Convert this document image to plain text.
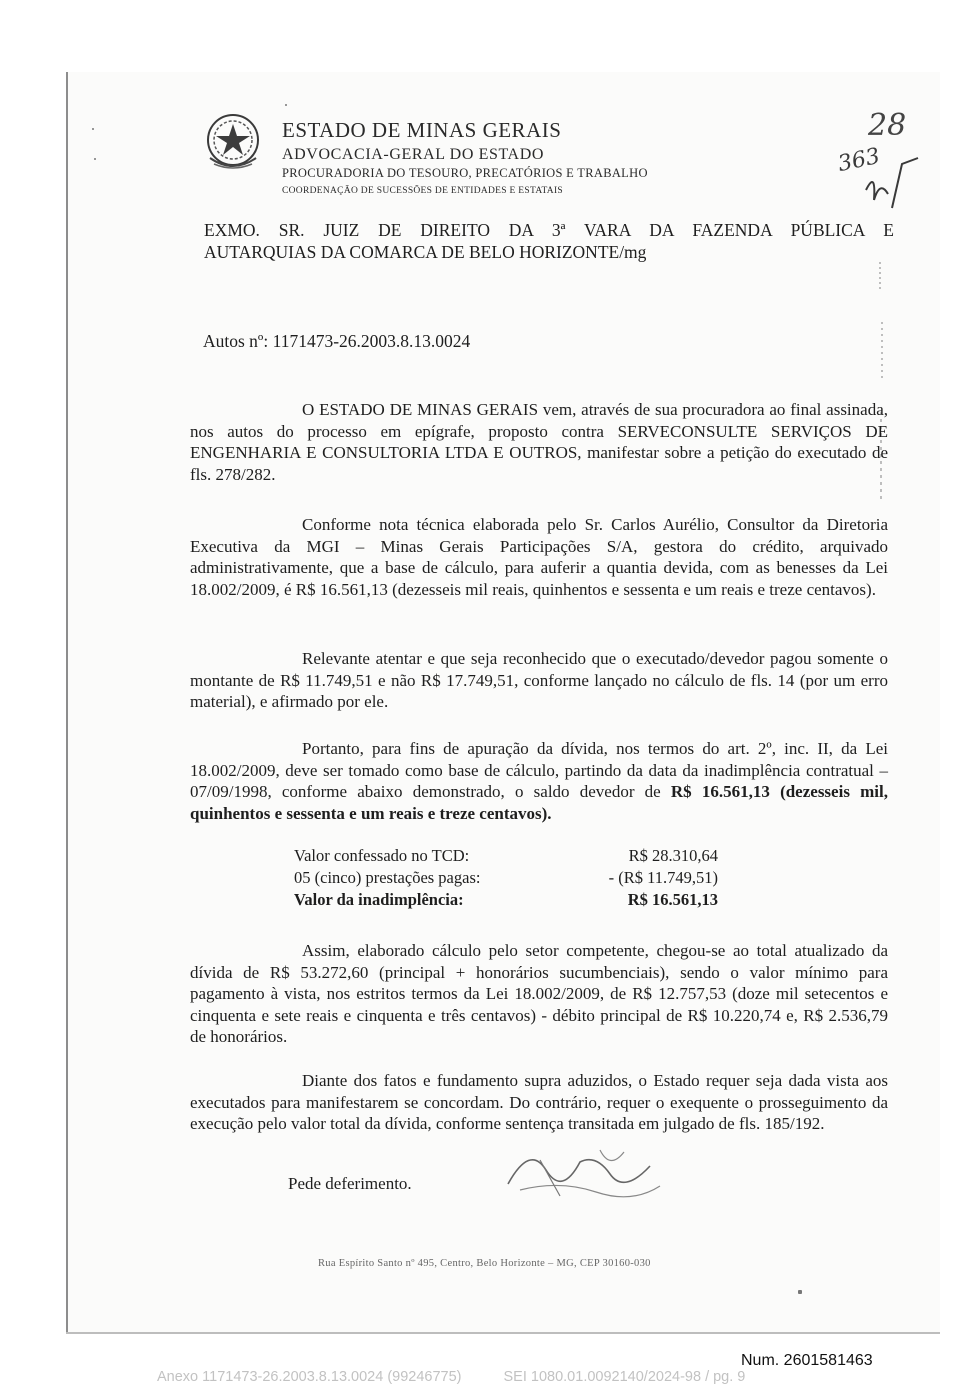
ESTADO DE MINAS GERAIS
ADVOCACIA-GERAL DO ESTADO
PROCURADORIA DO TESOURO, PRECATÓRIOS E TRABALHO
COORDENAÇÃO DE SUCESSÕES DE ENTIDADES E ESTATAIS
28
363
EXMO. SR. JUIZ DE DIREITO DA 3ª VARA DA FAZENDA PÚBLICA E
AUTARQUIAS DA COMARCA DE BELO HORIZONTE/mg
Autos nº: 1171473-26.2003.8.13.0024

O ESTADO DE MINAS GERAIS vem, através de sua procuradora ao final assinada, nos autos do processo em epígrafe, proposto contra SERVECONSULTE SERVIÇOS DE ENGENHARIA E CONSULTORIA LTDA E OUTROS, manifestar sobre a petição do executado de fls. 278/282.

Conforme nota técnica elaborada pelo Sr. Carlos Aurélio, Consultor da Diretoria Executiva da MGI – Minas Gerais Participações S/A, gestora do crédito, arquivado administrativamente, que a base de cálculo, para auferir a quantia devida, com as benesses da Lei 18.002/2009, é R$ 16.561,13 (dezesseis mil reais, quinhentos e sessenta e um reais e treze centavos).

Relevante atentar e que seja reconhecido que o executado/devedor pagou somente o montante de R$ 11.749,51 e não R$ 17.749,51, conforme lançado no cálculo de fls. 14 (por um erro material), e afirmado por ele.

Portanto, para fins de apuração da dívida, nos termos do art. 2º, inc. II, da Lei 18.002/2009, deve ser tomado como base de cálculo, partindo da data da inadimplência contratual – 07/09/1998, conforme abaixo demonstrado, o saldo devedor de R$ 16.561,13 (dezesseis mil, quinhentos e sessenta e um reais e treze centavos).

Valor confessado no TCD:	R$ 28.310,64
05 (cinco) prestações pagas:	- (R$ 11.749,51)
Valor da inadimplência:	R$ 16.561,13

Assim, elaborado cálculo pelo setor competente, chegou-se ao total atualizado da dívida de R$ 53.272,60 (principal + honorários sucumbenciais), sendo o valor mínimo para pagamento à vista, nos estritos termos da Lei 18.002/2009, de R$ 12.757,53 (doze mil setecentos e cinquenta e sete reais e cinquenta e três centavos) - débito principal de R$ 10.220,74 e, R$ 2.536,79 de honorários.

Diante dos fatos e fundamento supra aduzidos, o Estado requer seja dada vista aos executados para manifestarem se concordam. Do contrário, requer o exequente o prosseguimento da execução pelo valor total da dívida, conforme sentença transitada em julgado de fls. 185/192.

Pede deferimento.
Rua Espírito Santo nº 495, Centro, Belo Horizonte – MG, CEP 30160-030
Num. 2601581463
Anexo 1171473-26.2003.8.13.0024 (99246775)	SEI 1080.01.0092140/2024-98 / pg. 9
